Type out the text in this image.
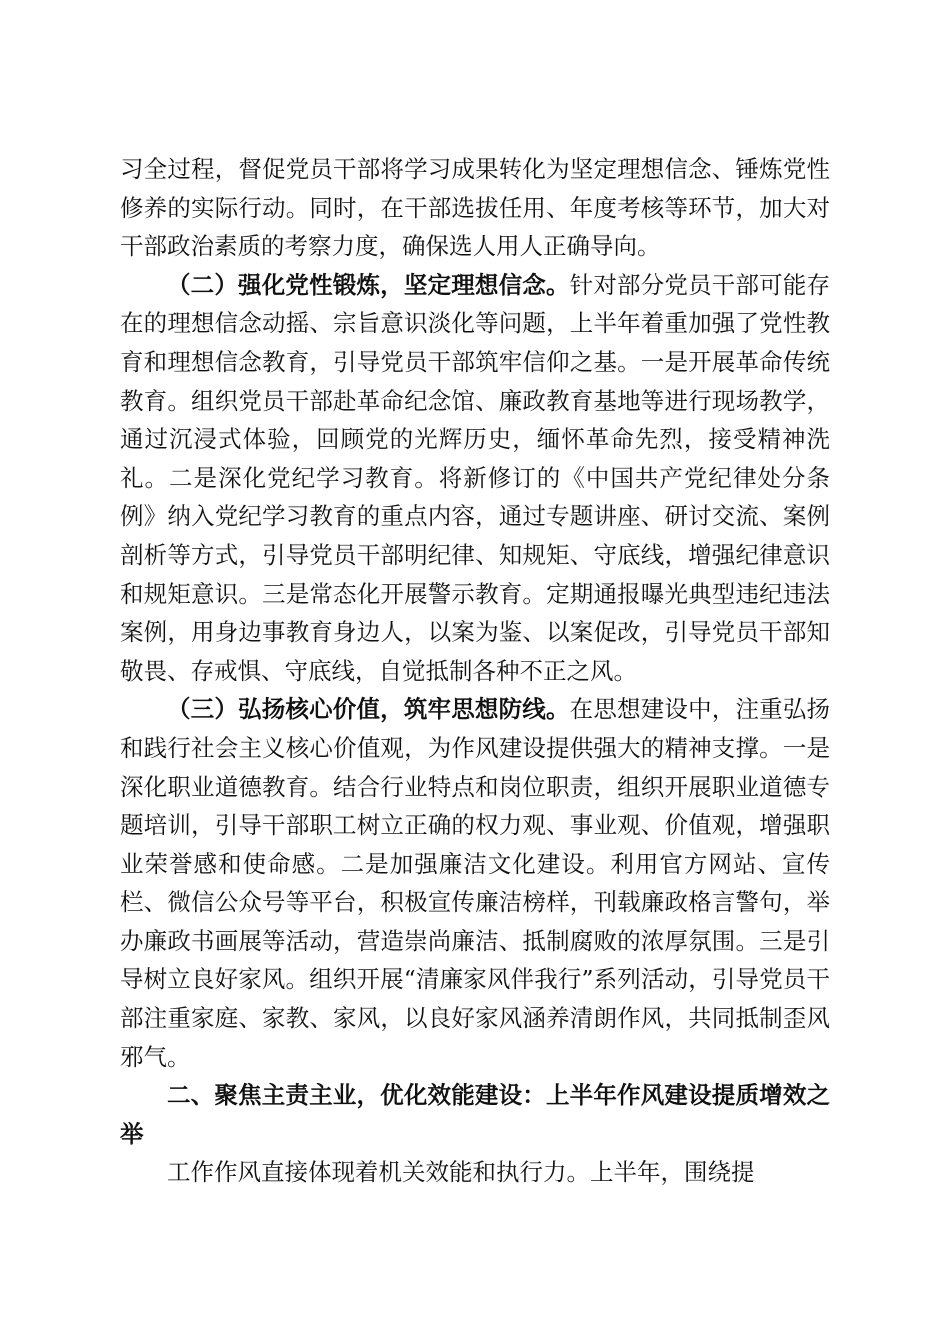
习全过程，督促党员干部将学习成果转化为坚定理想信念、锤炼党性修养的实际行动。同时，在干部选拔任用、年度考核等环节，加大对干部政治素质的考察力度，确保选人用人正确导向。

（二）强化党性锻炼，坚定理想信念。针对部分党员干部可能存在的理想信念动摇、宗旨意识淡化等问题，上半年着重加强了党性教育和理想信念教育，引导党员干部筑牢信仰之基。一是开展革命传统教育。组织党员干部赴革命纪念馆、廉政教育基地等进行现场教学，通过沉浸式体验，回顾党的光辉历史，缅怀革命先烈，接受精神洗礼。二是深化党纪学习教育。将新修订的《中国共产党纪律处分条例》纳入党纪学习教育的重点内容，通过专题讲座、研讨交流、案例剖析等方式，引导党员干部明纪律、知规矩、守底线，增强纪律意识和规矩意识。三是常态化开展警示教育。定期通报曝光典型违纪违法案例，用身边事教育身边人，以案为鉴、以案促改，引导党员干部知敬畏、存戒惧、守底线，自觉抵制各种不正之风。

（三）弘扬核心价值，筑牢思想防线。在思想建设中，注重弘扬和践行社会主义核心价值观，为作风建设提供强大的精神支撑。一是深化职业道德教育。结合行业特点和岗位职责，组织开展职业道德专题培训，引导干部职工树立正确的权力观、事业观、价值观，增强职业荣誉感和使命感。二是加强廉洁文化建设。利用官方网站、宣传栏、微信公众号等平台，积极宣传廉洁榜样，刊载廉政格言警句，举办廉政书画展等活动，营造崇尚廉洁、抵制腐败的浓厚氛围。三是引导树立良好家风。组织开展“清廉家风伴我行”系列活动，引导党员干部注重家庭、家教、家风，以良好家风涵养清朗作风，共同抵制歪风邪气。

二、聚焦主责主业，优化效能建设：上半年作风建设提质增效之举

工作作风直接体现着机关效能和执行力。上半年，围绕提
